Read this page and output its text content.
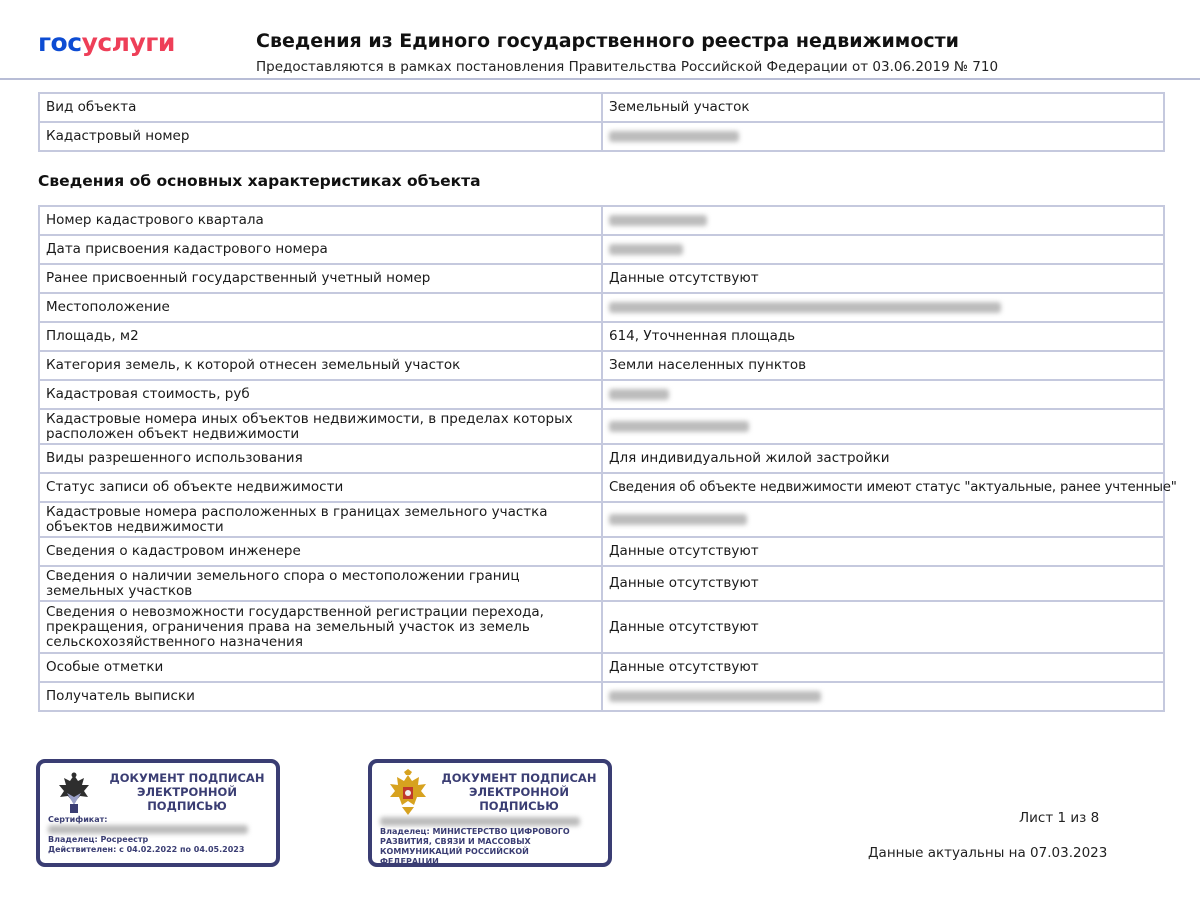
госуслуги	Сведения из Единого государственного реестра недвижимости
Предоставляются в рамках постановления Правительства Российской Федерации от 03.06.2019 № 710
Вид объекта	Земельный участок
Кадастровый номер	
Сведения об основных характеристиках объекта
Номер кадастрового квартала	
Дата присвоения кадастрового номера	
Ранее присвоенный государственный учетный номер	Данные отсутствуют
Местоположение	
Площадь, м2	614, Уточненная площадь
Категория земель, к которой отнесен земельный участок	Земли населенных пунктов
Кадастровая стоимость, руб	
Кадастровые номера иных объектов недвижимости, в пределах которых расположен объект недвижимости	
Виды разрешенного использования	Для индивидуальной жилой застройки
Статус записи об объекте недвижимости	Сведения об объекте недвижимости имеют статус "актуальные, ранее учтенные"
Кадастровые номера расположенных в границах земельного участка объектов недвижимости	
Сведения о кадастровом инженере	Данные отсутствуют
Сведения о наличии земельного спора о местоположении границ земельных участков	Данные отсутствуют
Сведения о невозможности государственной регистрации перехода, прекращения, ограничения права на земельный участок из земель сельскохозяйственного назначения	Данные отсутствуют
Особые отметки	Данные отсутствуют
Получатель выписки	
ДОКУМЕНТ ПОДПИСАН ЭЛЕКТРОННОЙ ПОДПИСЬЮ
Сертификат:
Владелец: Росреестр
Действителен: с 04.02.2022 по 04.05.2023
ДОКУМЕНТ ПОДПИСАН ЭЛЕКТРОННОЙ ПОДПИСЬЮ
Владелец: МИНИСТЕРСТВО ЦИФРОВОГО РАЗВИТИЯ, СВЯЗИ И МАССОВЫХ КОММУНИКАЦИЙ РОССИЙСКОЙ ФЕДЕРАЦИИ
Лист 1 из 8
Данные актуальны на 07.03.2023
